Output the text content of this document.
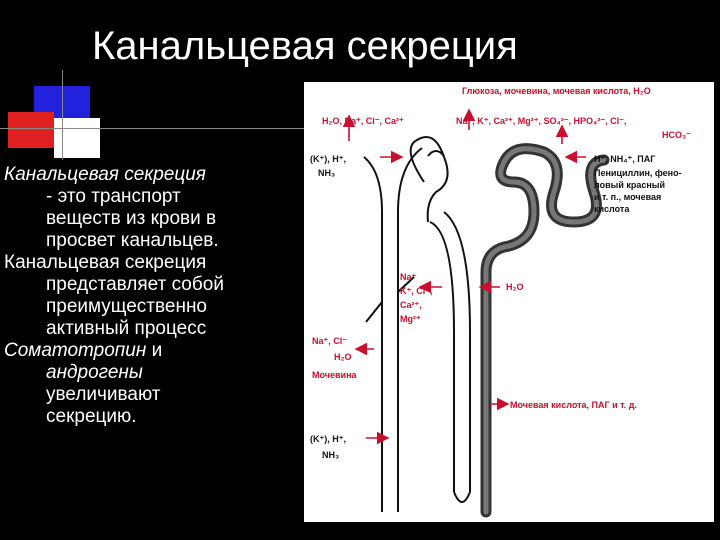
Канальцевая секреция
Канальцевая секреция
- это транспорт
веществ из крови в
просвет канальцев.
Канальцевая секреция
представляет собой
преимущественно
активный процесс
Соматотропин и
андрогены
увеличивают
секрецию.
Глюкоза, мочевина, мочевая кислота, H₂O
H₂O, Na⁺, Cl⁻, Ca²⁺	Na⁺, K⁺, Ca²⁺, Mg²⁺, SO₄²⁻, HPO₄²⁻, Cl⁻,
HCO₃⁻
(K⁺), H⁺,
NH₃
H⁺, NH₄⁺, ПАГ
Пенициллин, фено-
ловый красный
и т. п., мочевая
кислота
Na⁺
K⁺, Cl⁻,
Ca²⁺,
Mg²⁺
H₂O
Na⁺, Cl⁻
H₂O
Мочевина
Мочевая кислота, ПАГ и т. д.
(K⁺), H⁺,
NH₃
